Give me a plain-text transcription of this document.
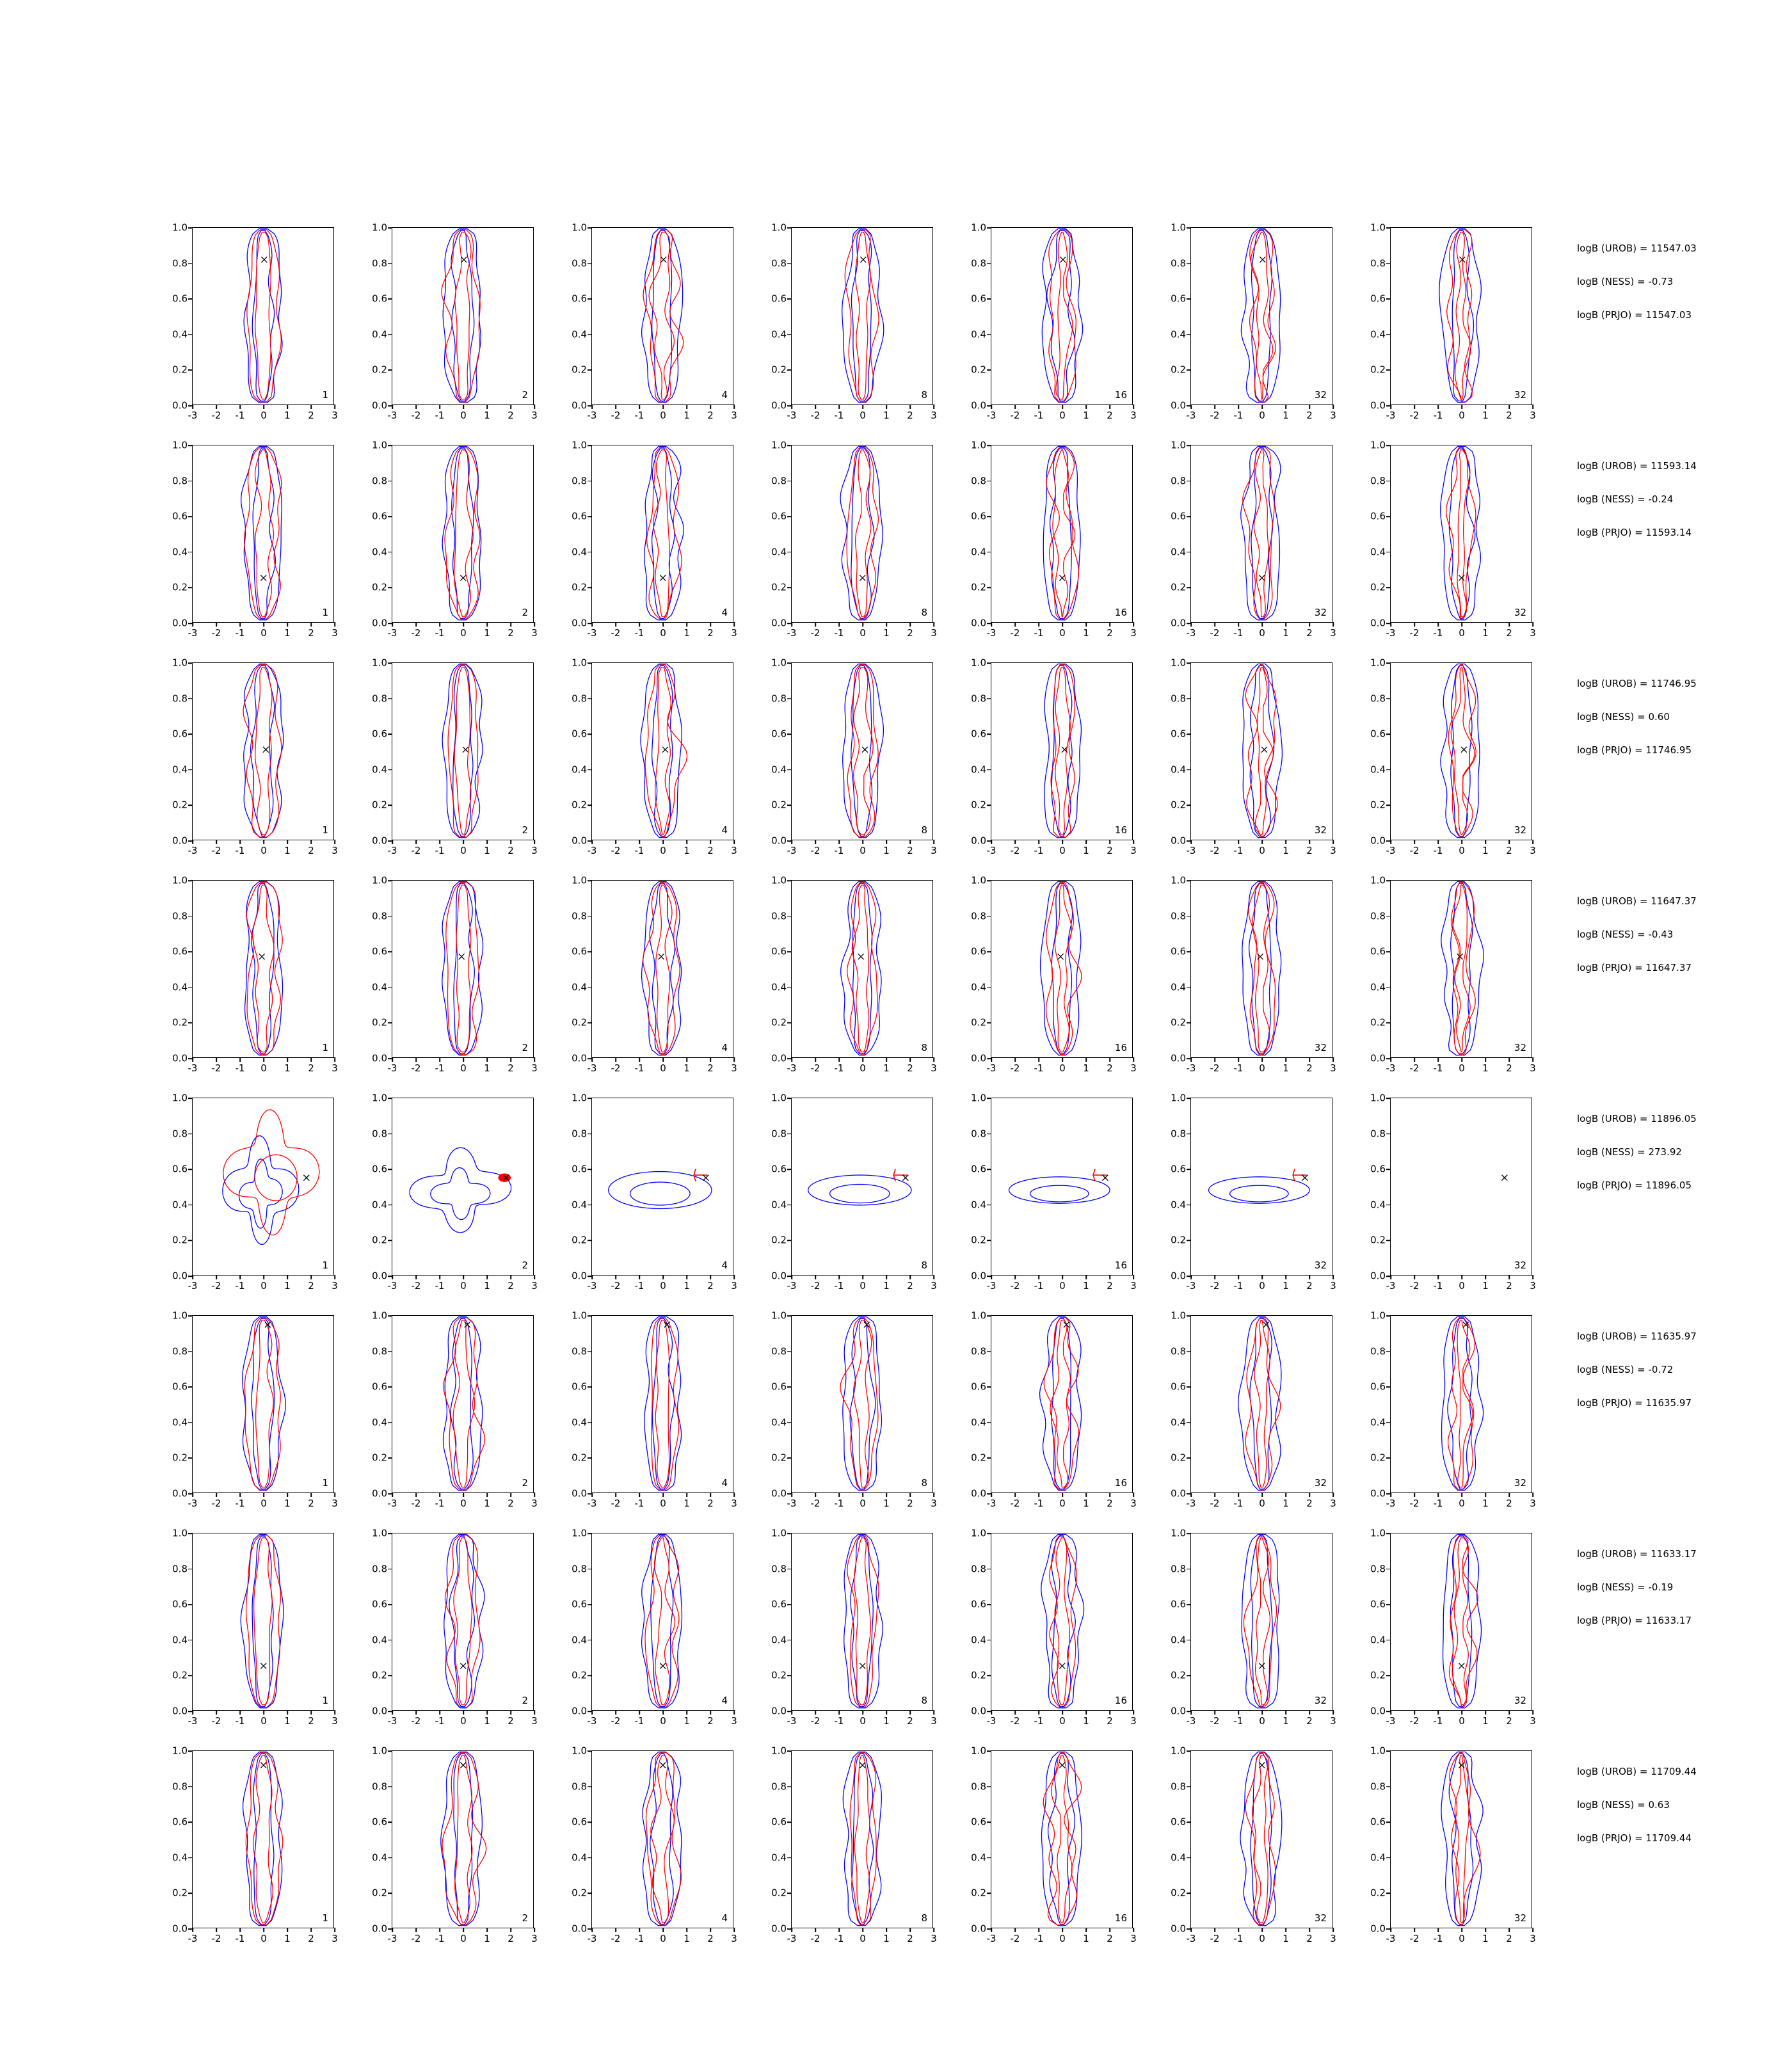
0.0
0.2
0.4
0.6
0.8
1.0
-3 -2 -1 0 1 2 3
1
0.0
0.2
0.4
0.6
0.8
1.0
-3 -2 -1 0 1 2 3
2
0.0
0.2
0.4
0.6
0.8
1.0
-3 -2 -1 0 1 2 3
4
0.0
0.2
0.4
0.6
0.8
1.0
-3 -2 -1 0 1 2 3
8
0.0
0.2
0.4
0.6
0.8
1.0
-3 -2 -1 0 1 2 3
16
0.0
0.2
0.4
0.6
0.8
1.0
-3 -2 -1 0 1 2 3
32
0.0
0.2
0.4
0.6
0.8
1.0
-3 -2 -1 0 1 2 3
32
logB (UROB) = 11547.03
logB (NESS) = -0.73
logB (PRJO) = 11547.03
0.0
0.2
0.4
0.6
0.8
1.0
-3 -2 -1 0 1 2 3
1
0.0
0.2
0.4
0.6
0.8
1.0
-3 -2 -1 0 1 2 3
2
0.0
0.2
0.4
0.6
0.8
1.0
-3 -2 -1 0 1 2 3
4
0.0
0.2
0.4
0.6
0.8
1.0
-3 -2 -1 0 1 2 3
8
0.0
0.2
0.4
0.6
0.8
1.0
-3 -2 -1 0 1 2 3
16
0.0
0.2
0.4
0.6
0.8
1.0
-3 -2 -1 0 1 2 3
32
0.0
0.2
0.4
0.6
0.8
1.0
-3 -2 -1 0 1 2 3
32
logB (UROB) = 11593.14
logB (NESS) = -0.24
logB (PRJO) = 11593.14
0.0
0.2
0.4
0.6
0.8
1.0
-3 -2 -1 0 1 2 3
1
0.0
0.2
0.4
0.6
0.8
1.0
-3 -2 -1 0 1 2 3
2
0.0
0.2
0.4
0.6
0.8
1.0
-3 -2 -1 0 1 2 3
4
0.0
0.2
0.4
0.6
0.8
1.0
-3 -2 -1 0 1 2 3
8
0.0
0.2
0.4
0.6
0.8
1.0
-3 -2 -1 0 1 2 3
16
0.0
0.2
0.4
0.6
0.8
1.0
-3 -2 -1 0 1 2 3
32
0.0
0.2
0.4
0.6
0.8
1.0
-3 -2 -1 0 1 2 3
32
logB (UROB) = 11746.95
logB (NESS) = 0.60
logB (PRJO) = 11746.95
0.0
0.2
0.4
0.6
0.8
1.0
-3 -2 -1 0 1 2 3
1
0.0
0.2
0.4
0.6
0.8
1.0
-3 -2 -1 0 1 2 3
2
0.0
0.2
0.4
0.6
0.8
1.0
-3 -2 -1 0 1 2 3
4
0.0
0.2
0.4
0.6
0.8
1.0
-3 -2 -1 0 1 2 3
8
0.0
0.2
0.4
0.6
0.8
1.0
-3 -2 -1 0 1 2 3
16
0.0
0.2
0.4
0.6
0.8
1.0
-3 -2 -1 0 1 2 3
32
0.0
0.2
0.4
0.6
0.8
1.0
-3 -2 -1 0 1 2 3
32
logB (UROB) = 11647.37
logB (NESS) = -0.43
logB (PRJO) = 11647.37
0.0
0.2
0.4
0.6
0.8
1.0
-3 -2 -1 0 1 2 3
1
0.0
0.2
0.4
0.6
0.8
1.0
-3 -2 -1 0 1 2 3
2
0.0
0.2
0.4
0.6
0.8
1.0
-3 -2 -1 0 1 2 3
4
0.0
0.2
0.4
0.6
0.8
1.0
-3 -2 -1 0 1 2 3
8
0.0
0.2
0.4
0.6
0.8
1.0
-3 -2 -1 0 1 2 3
16
0.0
0.2
0.4
0.6
0.8
1.0
-3 -2 -1 0 1 2 3
32
0.0
0.2
0.4
0.6
0.8
1.0
-3 -2 -1 0 1 2 3
32
logB (UROB) = 11896.05
logB (NESS) = 273.92
logB (PRJO) = 11896.05
0.0
0.2
0.4
0.6
0.8
1.0
-3 -2 -1 0 1 2 3
1
0.0
0.2
0.4
0.6
0.8
1.0
-3 -2 -1 0 1 2 3
2
0.0
0.2
0.4
0.6
0.8
1.0
-3 -2 -1 0 1 2 3
4
0.0
0.2
0.4
0.6
0.8
1.0
-3 -2 -1 0 1 2 3
8
0.0
0.2
0.4
0.6
0.8
1.0
-3 -2 -1 0 1 2 3
16
0.0
0.2
0.4
0.6
0.8
1.0
-3 -2 -1 0 1 2 3
32
0.0
0.2
0.4
0.6
0.8
1.0
-3 -2 -1 0 1 2 3
32
logB (UROB) = 11635.97
logB (NESS) = -0.72
logB (PRJO) = 11635.97
0.0
0.2
0.4
0.6
0.8
1.0
-3 -2 -1 0 1 2 3
1
0.0
0.2
0.4
0.6
0.8
1.0
-3 -2 -1 0 1 2 3
2
0.0
0.2
0.4
0.6
0.8
1.0
-3 -2 -1 0 1 2 3
4
0.0
0.2
0.4
0.6
0.8
1.0
-3 -2 -1 0 1 2 3
8
0.0
0.2
0.4
0.6
0.8
1.0
-3 -2 -1 0 1 2 3
16
0.0
0.2
0.4
0.6
0.8
1.0
-3 -2 -1 0 1 2 3
32
0.0
0.2
0.4
0.6
0.8
1.0
-3 -2 -1 0 1 2 3
32
logB (UROB) = 11633.17
logB (NESS) = -0.19
logB (PRJO) = 11633.17
0.0
0.2
0.4
0.6
0.8
1.0
-3 -2 -1 0 1 2 3
1
0.0
0.2
0.4
0.6
0.8
1.0
-3 -2 -1 0 1 2 3
2
0.0
0.2
0.4
0.6
0.8
1.0
-3 -2 -1 0 1 2 3
4
0.0
0.2
0.4
0.6
0.8
1.0
-3 -2 -1 0 1 2 3
8
0.0
0.2
0.4
0.6
0.8
1.0
-3 -2 -1 0 1 2 3
16
0.0
0.2
0.4
0.6
0.8
1.0
-3 -2 -1 0 1 2 3
32
0.0
0.2
0.4
0.6
0.8
1.0
-3 -2 -1 0 1 2 3
32
logB (UROB) = 11709.44
logB (NESS) = 0.63
logB (PRJO) = 11709.44
